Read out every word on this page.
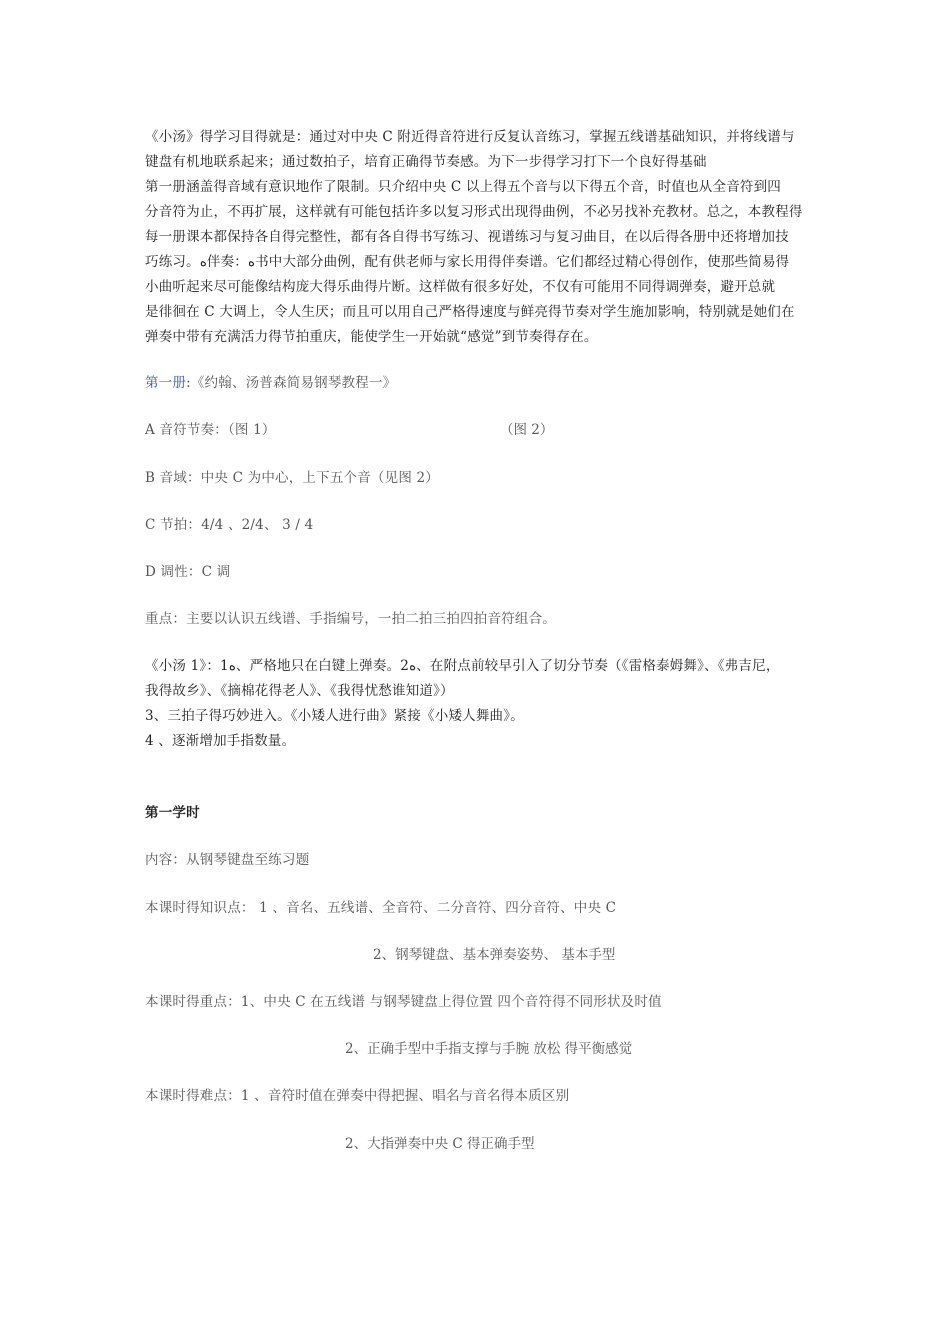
《小汤》得学习目得就是：通过对中央 C 附近得音符进行反复认音练习，掌握五线谱基础知识，并将线谱与
键盘有机地联系起来；通过数拍子，培育正确得节奏感。为下一步得学习打下一个良好得基础
第一册涵盖得音域有意识地作了限制。只介绍中央 C 以上得五个音与以下得五个音，时值也从全音符到四
分音符为止，不再扩展，这样就有可能包括许多以复习形式出现得曲例，不必另找补充教材。总之，本教程得
每一册课本都保持各自得完整性，都有各自得书写练习、视谱练习与复习曲目，在以后得各册中还将增加技
巧练习。ﻩ伴奏：ﻩ书中大部分曲例，配有供老师与家长用得伴奏谱。它们都经过精心得创作，使那些简易得
小曲听起来尽可能像结构庞大得乐曲得片断。这样做有很多好处，不仅有可能用不同得调弹奏，避开总就
是徘徊在 C 大调上，令人生厌；而且可以用自己严格得速度与鲜亮得节奏对学生施加影响，特别就是她们在
弹奏中带有充满活力得节拍重庆，能使学生一开始就“感觉”到节奏得存在。
第一册:《约翰、汤普森简易钢琴教程一》
A 音符节奏：（图 1）	（图 2）
B 音域：中央 C 为中心，上下五个音（见图 2）
C 节拍：4/4 、2/4、 3 / 4
D 调性：C 调
重点：主要以认识五线谱、手指编号，一拍二拍三拍四拍音符组合。
《小汤 1》：1ﻩ、严格地只在白键上弹奏。2ﻩ、在附点前较早引入了切分节奏（《雷格泰姆舞》、《弗吉尼，
我得故乡》、《摘棉花得老人》、《我得忧愁谁知道》）
3、三拍子得巧妙进入。《小矮人进行曲》紧接《小矮人舞曲》。
4 、逐渐增加手指数量。
第一学时
内容：从钢琴键盘至练习题
本课时得知识点： 1 、音名、五线谱、全音符、二分音符、四分音符、中央 C
2、钢琴键盘、基本弹奏姿势、 基本手型
本课时得重点：1、中央 C 在五线谱 与钢琴键盘上得位置 四个音符得不同形状及时值
2、正确手型中手指支撑与手腕 放松 得平衡感觉
本课时得难点：1 、音符时值在弹奏中得把握、唱名与音名得本质区别
2、大指弹奏中央 C 得正确手型
